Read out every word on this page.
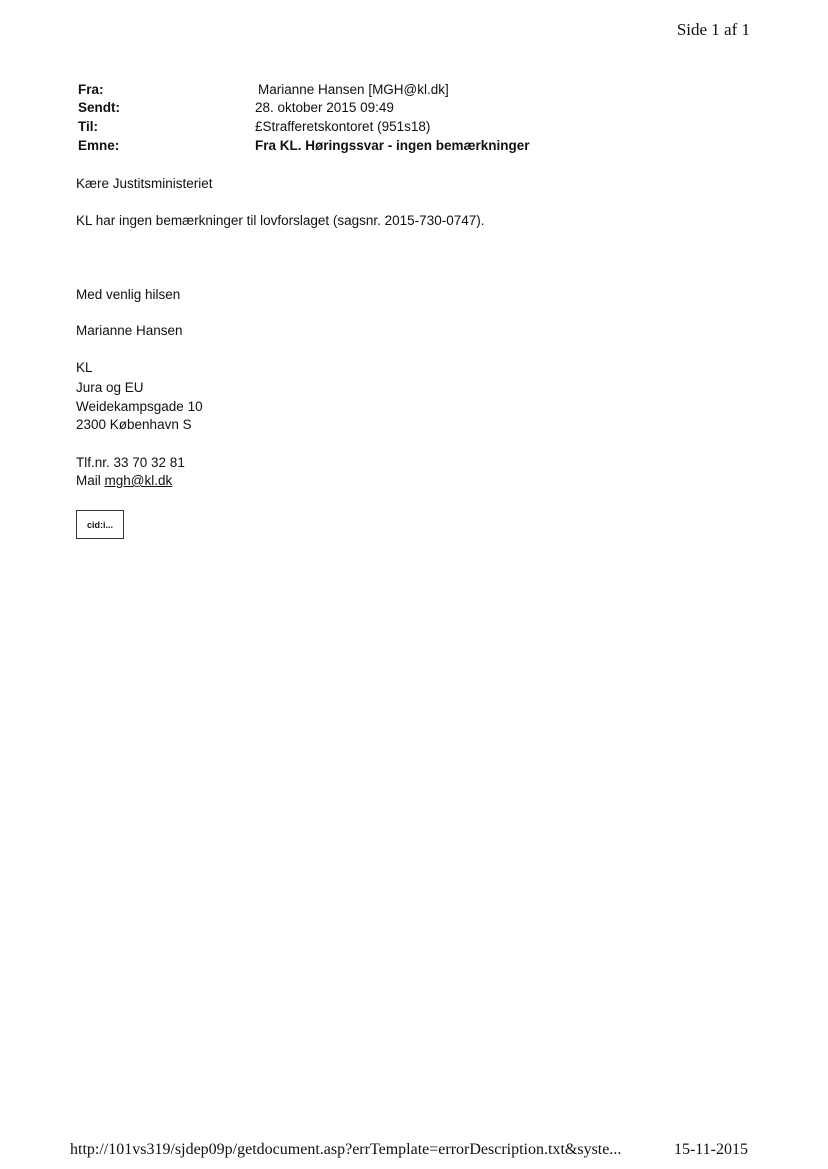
Side 1 af 1
Fra:	Marianne Hansen [MGH@kl.dk]
Sendt:	28. oktober 2015 09:49
Til:	£Strafferetskontoret (951s18)
Emne:	Fra KL. Høringssvar - ingen bemærkninger
Kære Justitsministeriet
KL har ingen bemærkninger til lovforslaget (sagsnr. 2015-730-0747).
Med venlig hilsen
Marianne Hansen
KL
Jura og EU
Weidekampsgade 10
2300 København S
Tlf.nr. 33 70 32 81
Mail mgh@kl.dk
cid:i...
http://101vs319/sjdep09p/getdocument.asp?errTemplate=errorDescription.txt&syste...	15-11-2015
